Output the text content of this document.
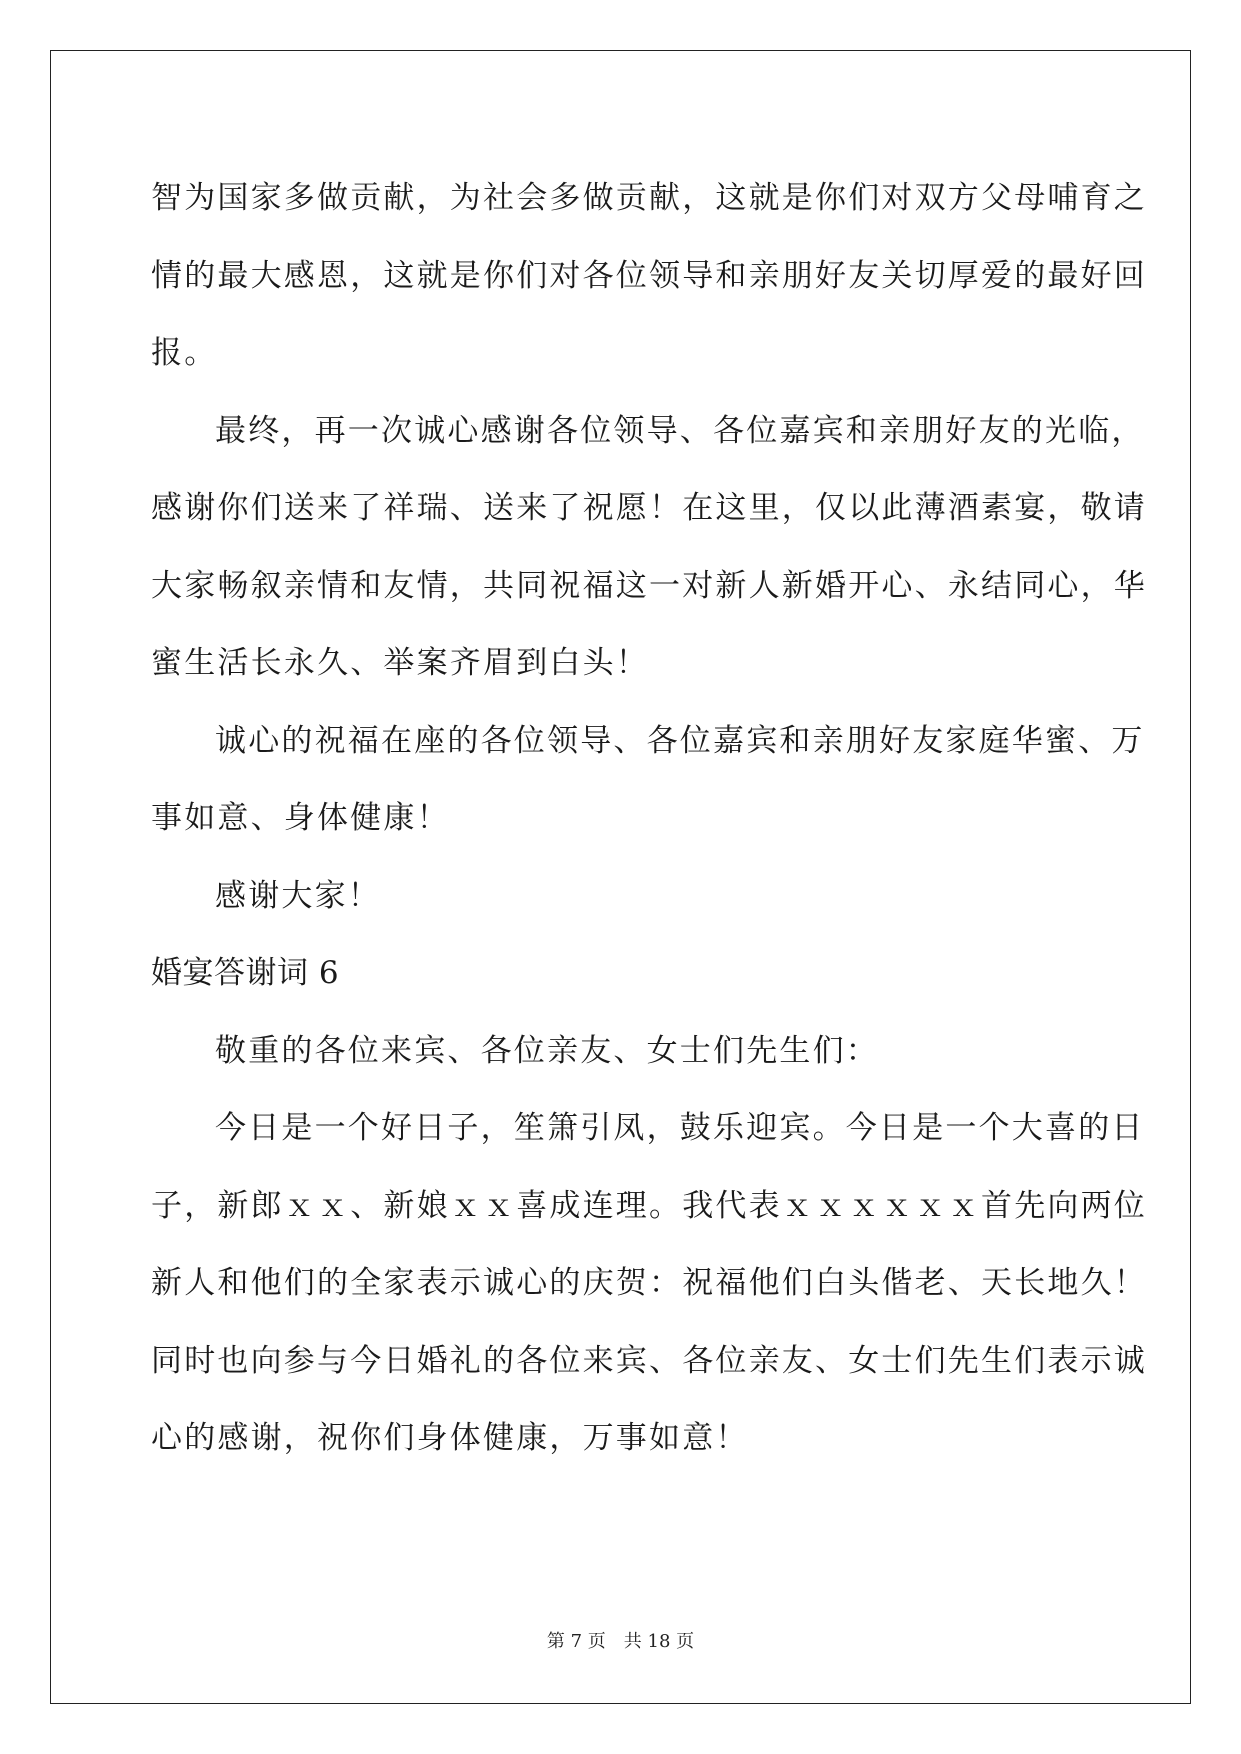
智为国家多做贡献，为社会多做贡献，这就是你们对双方父母哺育之
情的最大感恩，这就是你们对各位领导和亲朋好友关切厚爱的最好回
报。
最终，再一次诚心感谢各位领导、各位嘉宾和亲朋好友的光临，
感谢你们送来了祥瑞、送来了祝愿！在这里，仅以此薄酒素宴，敬请
大家畅叙亲情和友情，共同祝福这一对新人新婚开心、永结同心，华
蜜生活长永久、举案齐眉到白头！
诚心的祝福在座的各位领导、各位嘉宾和亲朋好友家庭华蜜、万
事如意、身体健康！
感谢大家！
婚宴答谢词 6
敬重的各位来宾、各位亲友、女士们先生们：
今日是一个好日子，笙箫引凤，鼓乐迎宾。今日是一个大喜的日
子，新郎ｘｘ、新娘ｘｘ喜成连理。我代表ｘｘｘｘｘｘ首先向两位
新人和他们的全家表示诚心的庆贺：祝福他们白头偕老、天长地久！
同时也向参与今日婚礼的各位来宾、各位亲友、女士们先生们表示诚
心的感谢，祝你们身体健康，万事如意！
第 7 页 共 18 页
